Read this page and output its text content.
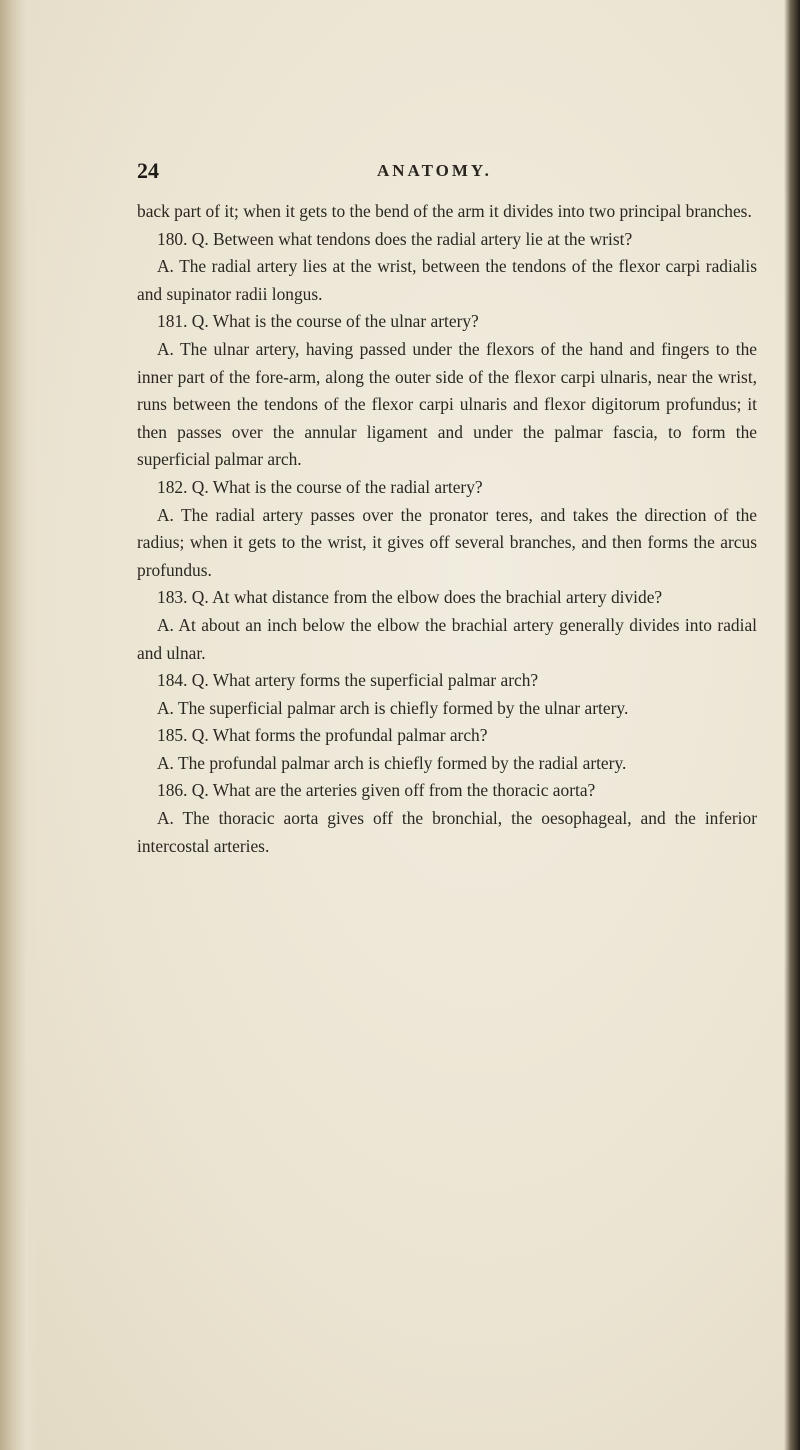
24	ANATOMY.

back part of it; when it gets to the bend of the arm it divides into two principal branches.

180. Q. Between what tendons does the radial artery lie at the wrist?

A. The radial artery lies at the wrist, between the tendons of the flexor carpi radialis and supinator radii longus.

181. Q. What is the course of the ulnar artery?

A. The ulnar artery, having passed under the flexors of the hand and fingers to the inner part of the fore-arm, along the outer side of the flexor carpi ulnaris, near the wrist, runs between the tendons of the flexor carpi ulnaris and flexor digitorum profundus; it then passes over the annular ligament and under the palmar fascia, to form the superficial palmar arch.

182. Q. What is the course of the radial artery?

A. The radial artery passes over the pronator teres, and takes the direction of the radius; when it gets to the wrist, it gives off several branches, and then forms the arcus profundus.

183. Q. At what distance from the elbow does the brachial artery divide?

A. At about an inch below the elbow the brachial artery generally divides into radial and ulnar.

184. Q. What artery forms the superficial palmar arch?

A. The superficial palmar arch is chiefly formed by the ulnar artery.

185. Q. What forms the profundal palmar arch?

A. The profundal palmar arch is chiefly formed by the radial artery.

186. Q. What are the arteries given off from the thoracic aorta?

A. The thoracic aorta gives off the bronchial, the oesophageal, and the inferior intercostal arteries.
